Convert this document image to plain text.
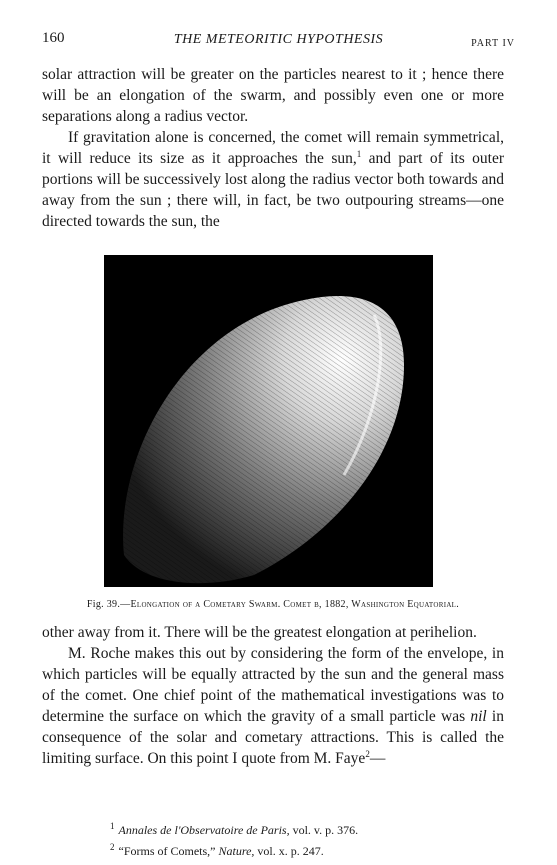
160	THE METEORITIC HYPOTHESIS	PART IV

solar attraction will be greater on the particles nearest to it ; hence there will be an elongation of the swarm, and possibly even one or more separations along a radius vector.

If gravitation alone is concerned, the comet will remain symmetrical, it will reduce its size as it approaches the sun,$^1$ and part of its outer portions will be successively lost along the radius vector both towards and away from the sun ; there will, in fact, be two outpouring streams—one directed towards the sun, the

Fig. 39.—Elongation of a Cometary Swarm. Comet b, 1882, Washington Equatorial.

other away from it. There will be the greatest elongation at perihelion.

M. Roche makes this out by considering the form of the envelope, in which particles will be equally attracted by the sun and the general mass of the comet. One chief point of the mathematical investigations was to determine the surface on which the gravity of a small particle was nil in consequence of the solar and cometary attractions. This is called the limiting surface. On this point I quote from M. Faye$^2$—

$^1$ Annales de l'Observatoire de Paris, vol. v. p. 376.
$^2$ “Forms of Comets,” Nature, vol. x. p. 247.
